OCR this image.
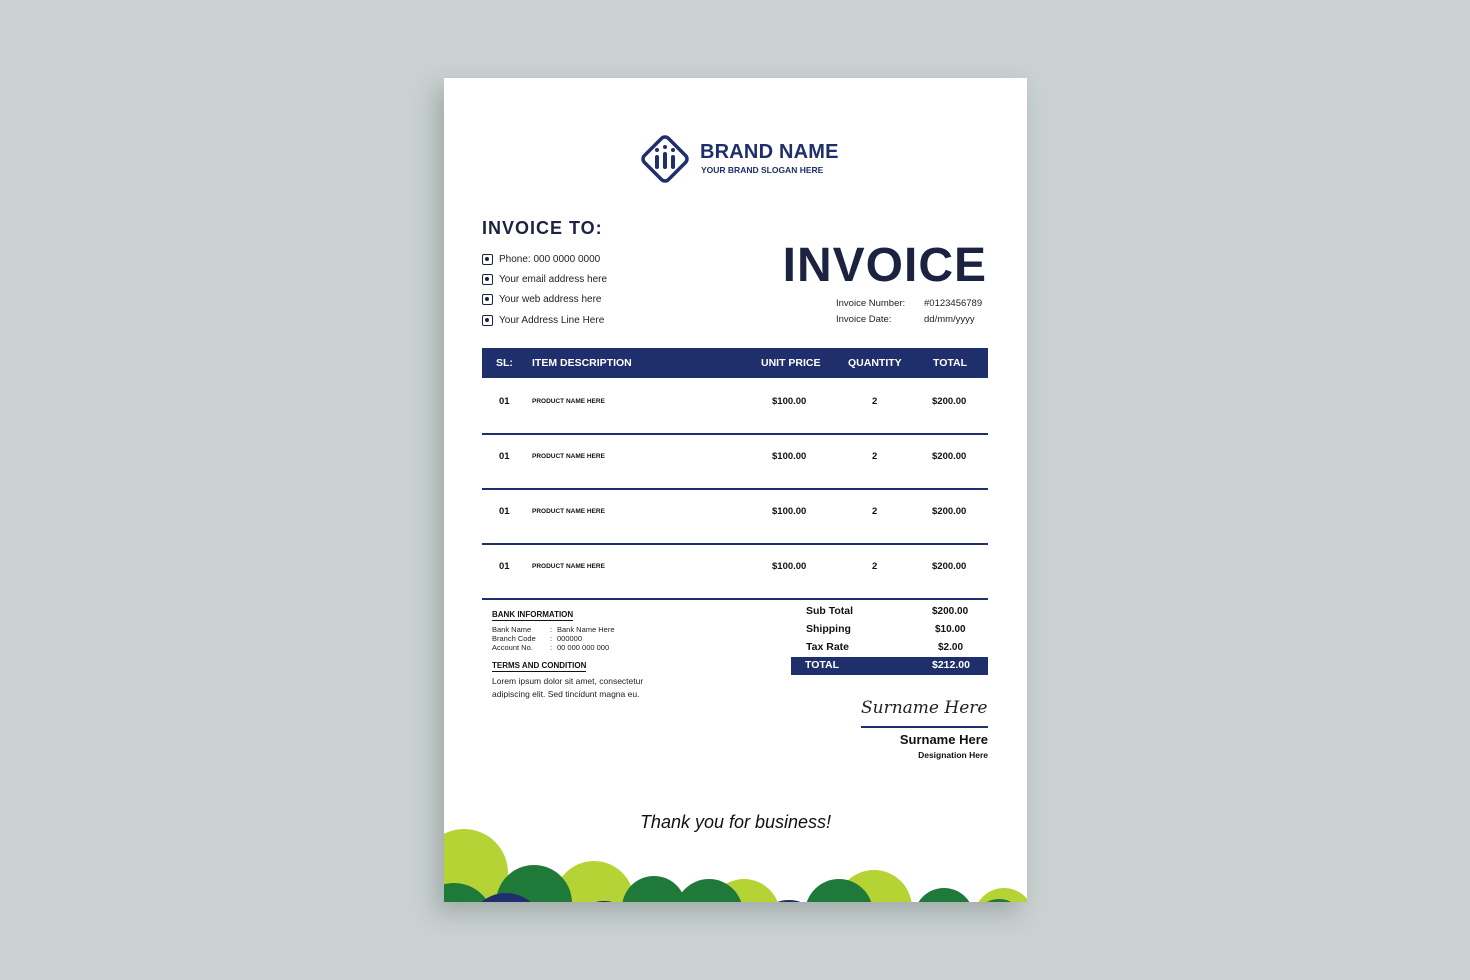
BRAND NAME
YOUR BRAND SLOGAN HERE
INVOICE TO:
Phone: 000 0000 0000
Your email address here
Your web address here
Your Address Line Here
INVOICE
Invoice Number: #0123456789
Invoice Date:	dd/mm/yyyy
SL: ITEM DESCRIPTION	UNIT PRICE	QUANTITY	TOTAL
01	PRODUCT NAME HERE	$100.00	2	$200.00
01	PRODUCT NAME HERE	$100.00	2	$200.00
01	PRODUCT NAME HERE	$100.00	2	$200.00
01	PRODUCT NAME HERE	$100.00	2	$200.00
BANK INFORMATION
Bank Name	: Bank Name Here
Branch Code	: 000000
Account No.	: 00 000 000 000
TERMS AND CONDITION
Lorem ipsum dolor sit amet, consectetur adipiscing elit. Sed tincidunt magna eu.
Sub Total	$200.00
Shipping	$10.00
Tax Rate	$2.00
TOTAL	$212.00
Surname Here
Surname Here
Designation Here
Thank you for business!
